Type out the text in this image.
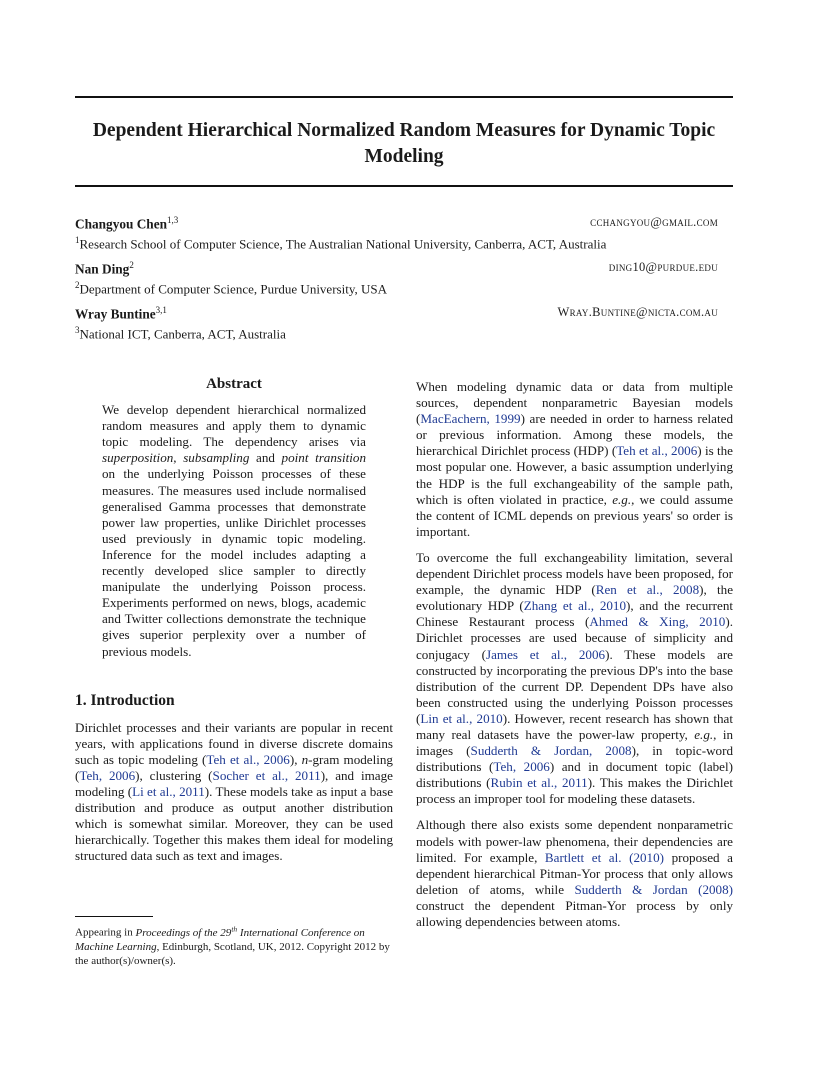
Dependent Hierarchical Normalized Random Measures for Dynamic Topic Modeling
Changyou Chen$^{1,3}$	cchangyou@gmail.com
$^1$Research School of Computer Science, The Australian National University, Canberra, ACT, Australia
Nan Ding$^2$	ding10@purdue.edu
$^2$Department of Computer Science, Purdue University, USA
Wray Buntine$^{3,1}$	Wray.Buntine@nicta.com.au
$^3$National ICT, Canberra, ACT, Australia
Abstract

We develop dependent hierarchical normalized random measures and apply them to dynamic topic modeling. The dependency arises via superposition, subsampling and point transition on the underlying Poisson processes of these measures. The measures used include normalised generalised Gamma processes that demonstrate power law properties, unlike Dirichlet processes used previously in dynamic topic modeling. Inference for the model includes adapting a recently developed slice sampler to directly manipulate the underlying Poisson process. Experiments performed on news, blogs, academic and Twitter collections demonstrate the technique gives superior perplexity over a number of previous models.

1. Introduction

Dirichlet processes and their variants are popular in recent years, with applications found in diverse discrete domains such as topic modeling (Teh et al., 2006), n-gram modeling (Teh, 2006), clustering (Socher et al., 2011), and image modeling (Li et al., 2011). These models take as input a base distribution and produce as output another distribution which is somewhat similar. Moreover, they can be used hierarchically. Together this makes them ideal for modeling structured data such as text and images.

Appearing in Proceedings of the 29th International Conference on Machine Learning, Edinburgh, Scotland, UK, 2012. Copyright 2012 by the author(s)/owner(s).

When modeling dynamic data or data from multiple sources, dependent nonparametric Bayesian models (MacEachern, 1999) are needed in order to harness related or previous information. Among these models, the hierarchical Dirichlet process (HDP) (Teh et al., 2006) is the most popular one. However, a basic assumption underlying the HDP is the full exchangeability of the sample path, which is often violated in practice, e.g., we could assume the content of ICML depends on previous years' so order is important.

To overcome the full exchangeability limitation, several dependent Dirichlet process models have been proposed, for example, the dynamic HDP (Ren et al., 2008), the evolutionary HDP (Zhang et al., 2010), and the recurrent Chinese Restaurant process (Ahmed & Xing, 2010). Dirichlet processes are used because of simplicity and conjugacy (James et al., 2006). These models are constructed by incorporating the previous DP's into the base distribution of the current DP. Dependent DPs have also been constructed using the underlying Poisson processes (Lin et al., 2010). However, recent research has shown that many real datasets have the power-law property, e.g., in images (Sudderth & Jordan, 2008), in topic-word distributions (Teh, 2006) and in document topic (label) distributions (Rubin et al., 2011). This makes the Dirichlet process an improper tool for modeling these datasets.

Although there also exists some dependent nonparametric models with power-law phenomena, their dependencies are limited. For example, Bartlett et al. (2010) proposed a dependent hierarchical Pitman-Yor process that only allows deletion of atoms, while Sudderth & Jordan (2008) construct the dependent Pitman-Yor process by only allowing dependencies between atoms.
